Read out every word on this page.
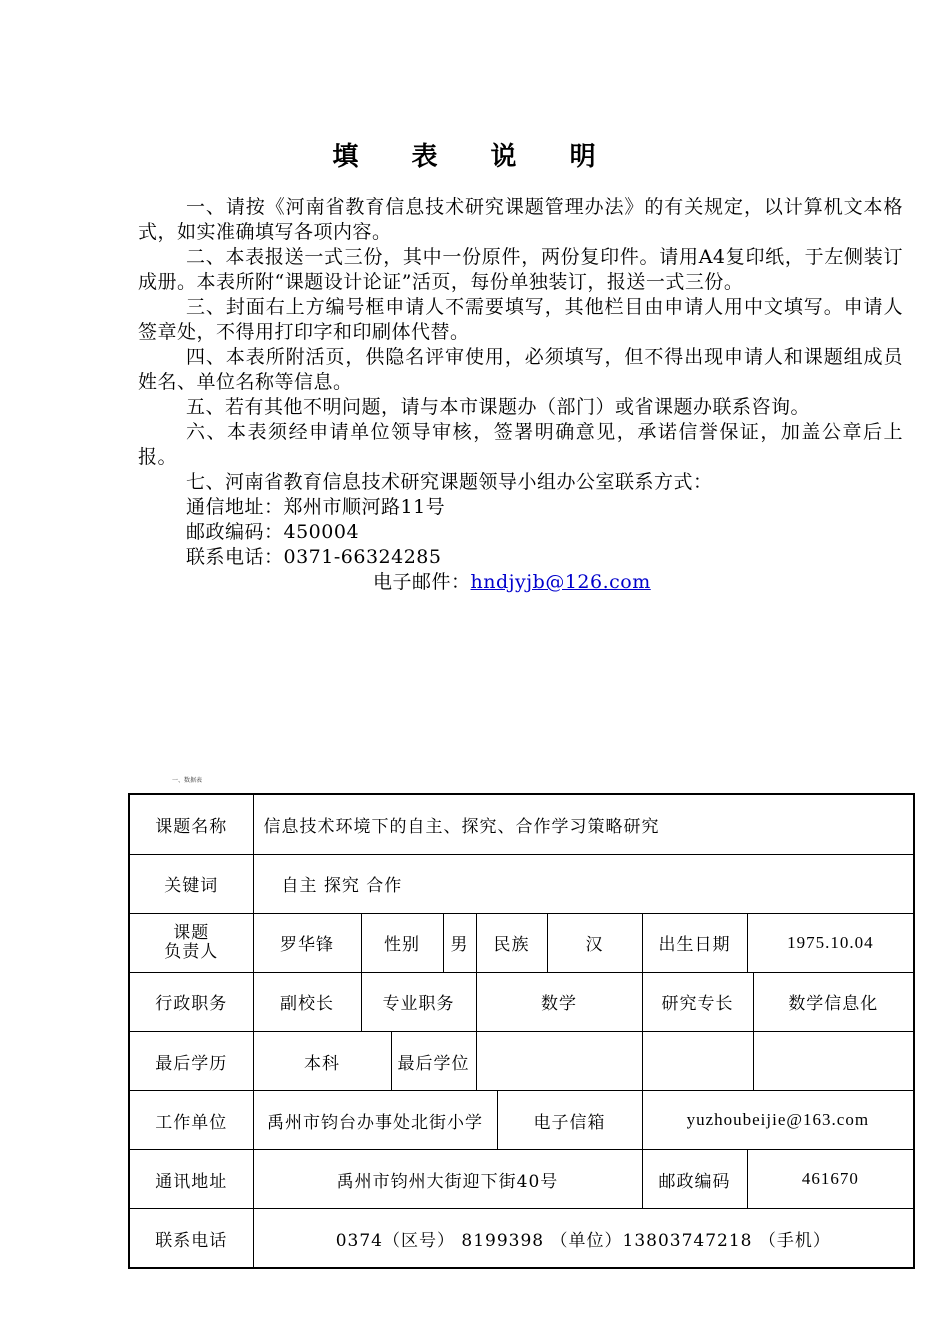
填 表 说 明

一、请按《河南省教育信息技术研究课题管理办法》的有关规定，以计算机文本格式，如实准确填写各项内容。

二、本表报送一式三份，其中一份原件，两份复印件。请用A4复印纸，于左侧装订成册。本表所附“课题设计论证”活页，每份单独装订，报送一式三份。

三、封面右上方编号框申请人不需要填写，其他栏目由申请人用中文填写。申请人签章处，不得用打印字和印刷体代替。

四、本表所附活页，供隐名评审使用，必须填写，但不得出现申请人和课题组成员姓名、单位名称等信息。

五、若有其他不明问题，请与本市课题办（部门）或省课题办联系咨询。

六、本表须经申请单位领导审核，签署明确意见，承诺信誉保证，加盖公章后上报。

七、河南省教育信息技术研究课题领导小组办公室联系方式：

通信地址：郑州市顺河路11号

邮政编码：450004

联系电话：0371-66324285

电子邮件：hndjyjb@126.com

一、数据表
课题名称	信息技术环境下的自主、探究、合作学习策略研究									
关键词	自主 探究 合作									
课题
负责人	罗华锋	性别		男	民族		汉	出生日期	1975.10.04	
行政职务	副校长	专业职务			数学			研究专长		数学信息化
最后学历	本科		最后学位							
工作单位	禹州市钧台办事处北街小学					电子信箱		yuzhoubeijie@163.com		
通讯地址	禹州市钧州大街迎下街40号							邮政编码	461670	
联系电话	0374（区号） 8199398 （单位）13803747218 （手机）									
